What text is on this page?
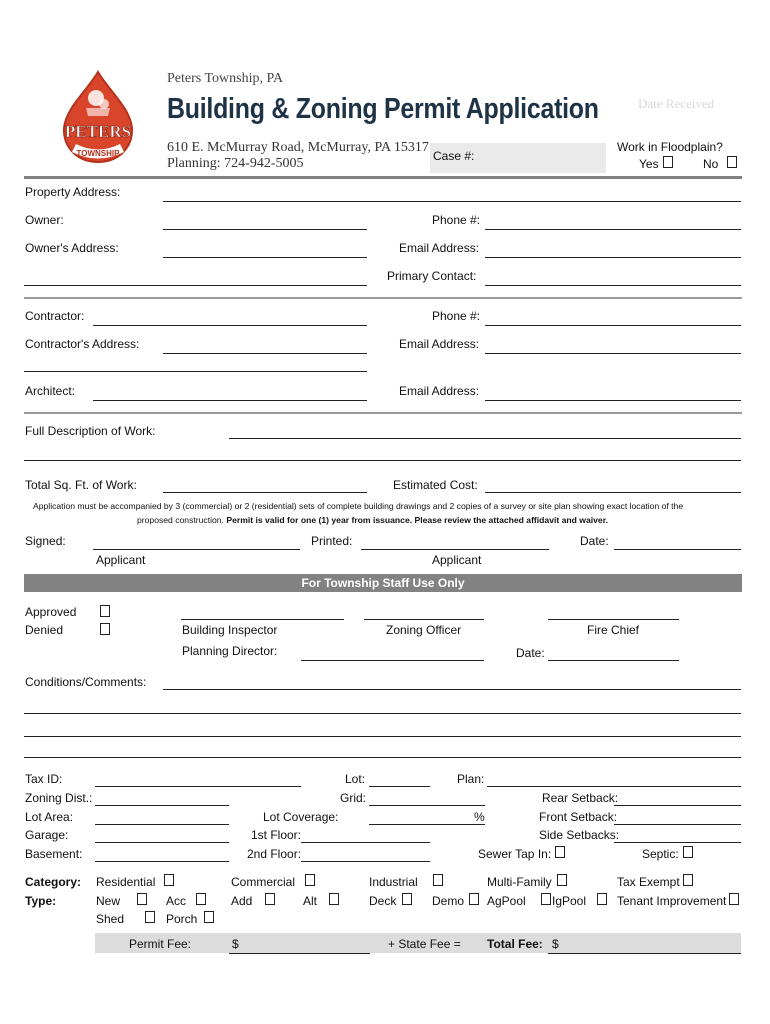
PETERS
TOWNSHIP
Peters Township, PA
Building & Zoning Permit Application	Date Received
610 E. McMurray Road, McMurray, PA 15317
Planning: 724-942-5005	Case #:
Work in Floodplain?
Yes	No
Property Address:
Owner:	Phone #:
Owner's Address:	Email Address:
Primary Contact:
Contractor:	Phone #:
Contractor's Address:	Email Address:
Architect:	Email Address:
Full Description of Work:
Total Sq. Ft. of Work:	Estimated Cost:
Application must be accompanied by 3 (commercial) or 2 (residential) sets of complete building drawings and 2 copies of a survey or site plan showing exact location of the
proposed construction. Permit is valid for one (1) year from issuance. Please review the attached affidavit and waiver.
Signed:	Printed:	Date:
Applicant	Applicant
For Township Staff Use Only
Approved
Denied	Building Inspector	Zoning Officer	Fire Chief
Planning Director:	Date:
Conditions/Comments:
Tax ID:	Lot:	Plan:
Zoning Dist.:	Grid:	Rear Setback:
Lot Area:	Lot Coverage:	%	Front Setback:
Garage:	1st Floor:	Side Setbacks:
Basement:	2nd Floor:	Sewer Tap In:	Septic:
Category: Residential	Commercial	Industrial	Multi-Family	Tax Exempt
Type:	New	Acc	Add	Alt	Deck	Demo AgPool IgPool	Tenant Improvement
Shed	Porch
Permit Fee:	$	+ State Fee = Total Fee: $
